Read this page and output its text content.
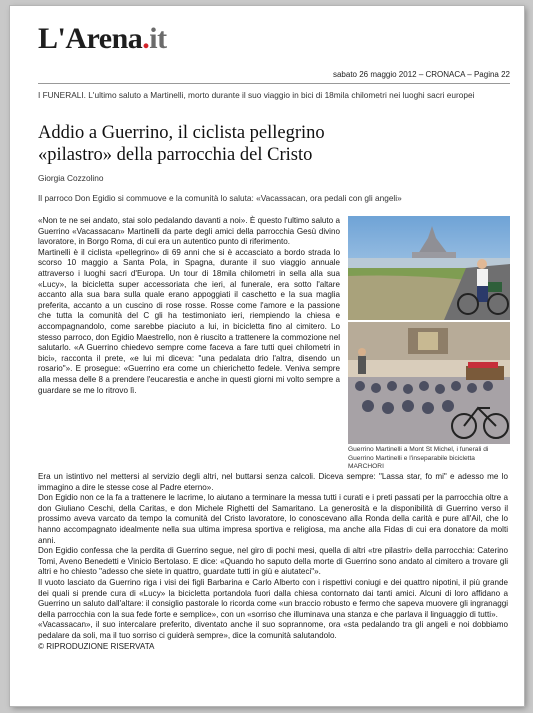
L'Arena.it
sabato 26 maggio 2012 – CRONACA – Pagina 22
I FUNERALI. L'ultimo saluto a Martinelli, morto durante il suo viaggio in bici di 18mila chilometri nei luoghi sacri europei
Addio a Guerrino, il ciclista pellegrino
«pilastro» della parrocchia del Cristo
Giorgia Cozzolino
Il parroco Don Egidio si commuove e la comunità lo saluta: «Vacassacan, ora pedali con gli angeli»
Guerrino Martinelli a Mont St Michel, i funerali di Guerrino Martinelli e l'inseparabile bicicletta MARCHORI

«Non te ne sei andato, stai solo pedalando davanti a noi». È questo l'ultimo saluto a Guerrino «Vacassacan» Martinelli da parte degli amici della parrocchia Gesù divino lavoratore, in Borgo Roma, di cui era un autentico punto di riferimento.

Martinelli è il ciclista «pellegrino» di 69 anni che si è accasciato a bordo strada lo scorso 10 maggio a Santa Pola, in Spagna, durante il suo viaggio annuale attraverso i luoghi sacri d'Europa. Un tour di 18mila chilometri in sella alla sua «Lucy», la bicicletta super accessoriata che ieri, al funerale, era sotto l'altare accanto alla sua bara sulla quale erano appoggiati il caschetto e la sua maglia preferita, accanto a un cuscino di rose rosse. Rosse come l'amore e la passione che tutta la comunità del C gli ha testimoniato ieri, riempiendo la chiesa e accompagnandolo, come sarebbe piaciuto a lui, in bicicletta fino al cimitero. Lo stesso parroco, don Egidio Maestrello, non è riuscito a trattenere la commozione nel salutarlo. «A Guerrino chiedevo sempre come faceva a fare tutti quei chilometri in bici», racconta il prete, «e lui mi diceva: "una pedalata drio l'altra, disendo un rosario"». E prosegue: «Guerrino era come un chierichetto fedele. Veniva sempre alla messa delle 8 a prendere l'eucarestia e anche in questi giorni mi volto sempre a guardare se me lo ritrovo lì.

Era un istintivo nel mettersi al servizio degli altri, nel buttarsi senza calcoli. Diceva sempre: "Lassa star, fo mi" e adesso me lo immagino a dire le stesse cose al Padre eterno».

Don Egidio non ce la fa a trattenere le lacrime, lo aiutano a terminare la messa tutti i curati e i preti passati per la parrocchia oltre a don Giuliano Ceschi, della Caritas, e don Michele Righetti del Samaritano. La generosità e la disponibilità di Guerrino verso il prossimo aveva varcato da tempo la comunità del Cristo lavoratore, lo conoscevano alla Ronda della carità e pure all'Ail, che lo hanno accompagnato idealmente nella sua ultima impresa sportiva e religiosa, ma anche alla Fidas di cui era donatore da molti anni.

Don Egidio confessa che la perdita di Guerrino segue, nel giro di pochi mesi, quella di altri «tre pilastri» della parrocchia: Caterino Tomi, Aveno Benedetti e Vinicio Bertolaso. E dice: «Quando ho saputo della morte di Guerrino sono andato al cimitero a trovare gli altri e ho chiesto "adesso che siete in quattro, guardate tutti in giù e aiutateci"».

Il vuoto lasciato da Guerrino riga i visi dei figli Barbarina e Carlo Alberto con i rispettivi coniugi e dei quattro nipotini, il più grande dei quali si prende cura di «Lucy» la bicicletta portandola fuori dalla chiesa contornato dai tanti amici. Alcuni di loro affidano a Guerrino un saluto dall'altare: il consiglio pastorale lo ricorda come «un braccio robusto e fermo che sapeva muovere gli ingranaggi della parrocchia con la sua fede forte e semplice», con un «sorriso che illuminava una stanza e che parlava il linguaggio di tutti».

«Vacassacan», il suo intercalare preferito, diventato anche il suo soprannome, ora «sta pedalando tra gli angeli e noi dobbiamo pedalare da soli, ma il tuo sorriso ci guiderà sempre», dice la comunità salutandolo.

© RIPRODUZIONE RISERVATA
